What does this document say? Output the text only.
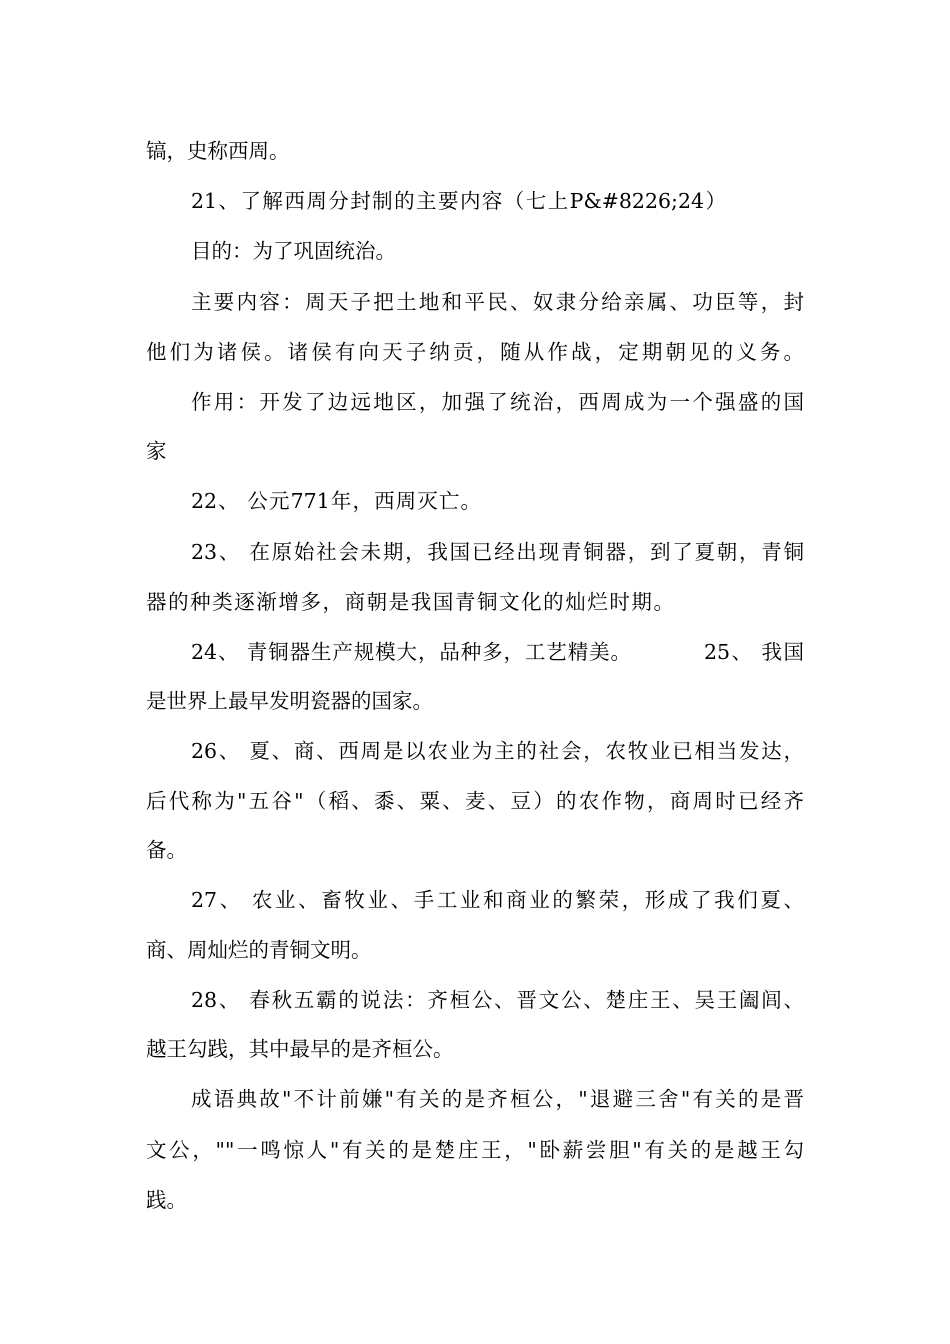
镐，史称西周。
21、了解西周分封制的主要内容（七上P&#8226;24）
目的：为了巩固统治。
主要内容：周天子把土地和平民、奴隶分给亲属、功臣等，封
他们为诸侯。诸侯有向天子纳贡，随从作战，定期朝见的义务。
作用：开发了边远地区，加强了统治，西周成为一个强盛的国
家
22、 公元771年，西周灭亡。
23、 在原始社会未期，我国已经出现青铜器，到了夏朝，青铜
器的种类逐渐增多，商朝是我国青铜文化的灿烂时期。
24、 青铜器生产规模大，品种多，工艺精美。	25、 我国
是世界上最早发明瓷器的国家。
26、 夏、商、西周是以农业为主的社会，农牧业已相当发达，
后代称为"五谷"（稻、黍、粟、麦、豆）的农作物，商周时已经齐
备。
27、 农业、畜牧业、手工业和商业的繁荣，形成了我们夏、
商、周灿烂的青铜文明。
28、 春秋五霸的说法：齐桓公、晋文公、楚庄王、吴王阖闾、
越王勾践，其中最早的是齐桓公。
成语典故"不计前嫌"有关的是齐桓公，"退避三舍"有关的是晋
文公，""一鸣惊人"有关的是楚庄王，"卧薪尝胆"有关的是越王勾
践。
